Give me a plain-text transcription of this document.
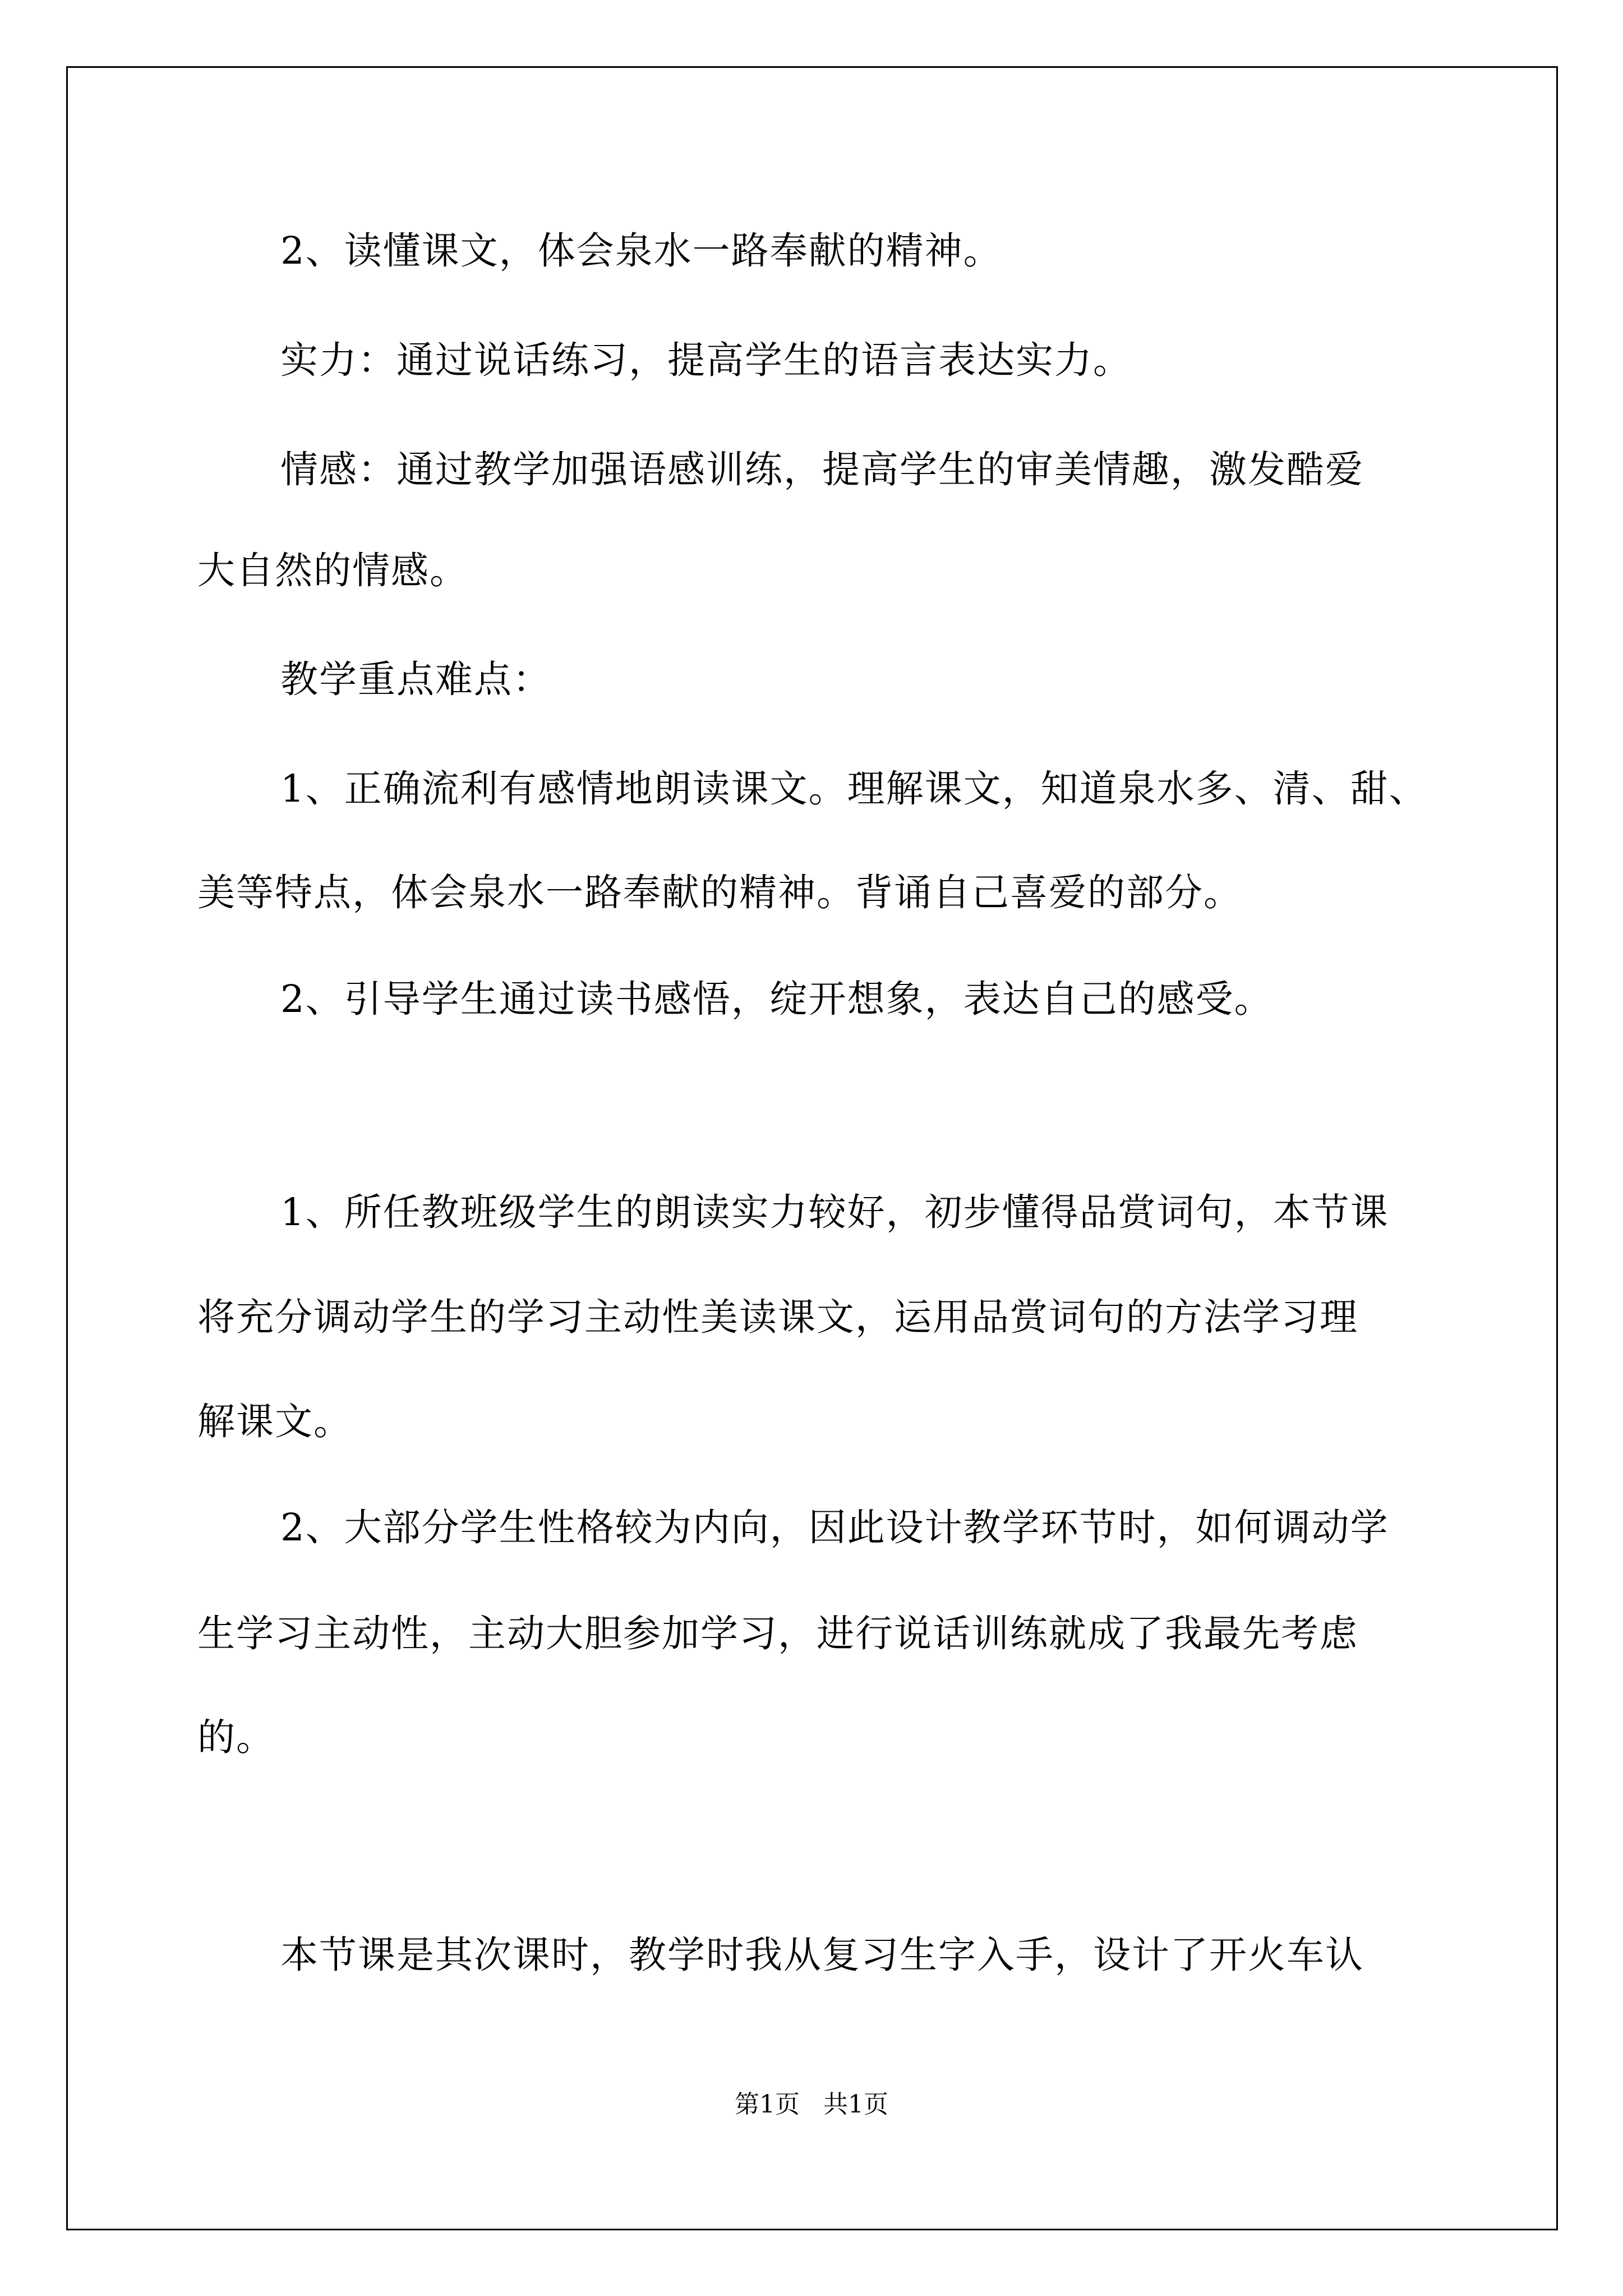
2、读懂课文，体会泉水一路奉献的精神。
实力：通过说话练习，提高学生的语言表达实力。
情感：通过教学加强语感训练，提高学生的审美情趣，激发酷爱
大自然的情感。
教学重点难点：
1、正确流利有感情地朗读课文。理解课文，知道泉水多、清、甜、
美等特点，体会泉水一路奉献的精神。背诵自己喜爱的部分。
2、引导学生通过读书感悟，绽开想象，表达自己的感受。
1、所任教班级学生的朗读实力较好，初步懂得品赏词句，本节课
将充分调动学生的学习主动性美读课文，运用品赏词句的方法学习理
解课文。
2、大部分学生性格较为内向，因此设计教学环节时，如何调动学
生学习主动性，主动大胆参加学习，进行说话训练就成了我最先考虑
的。
本节课是其次课时，教学时我从复习生字入手，设计了开火车认
第1页   共1页
